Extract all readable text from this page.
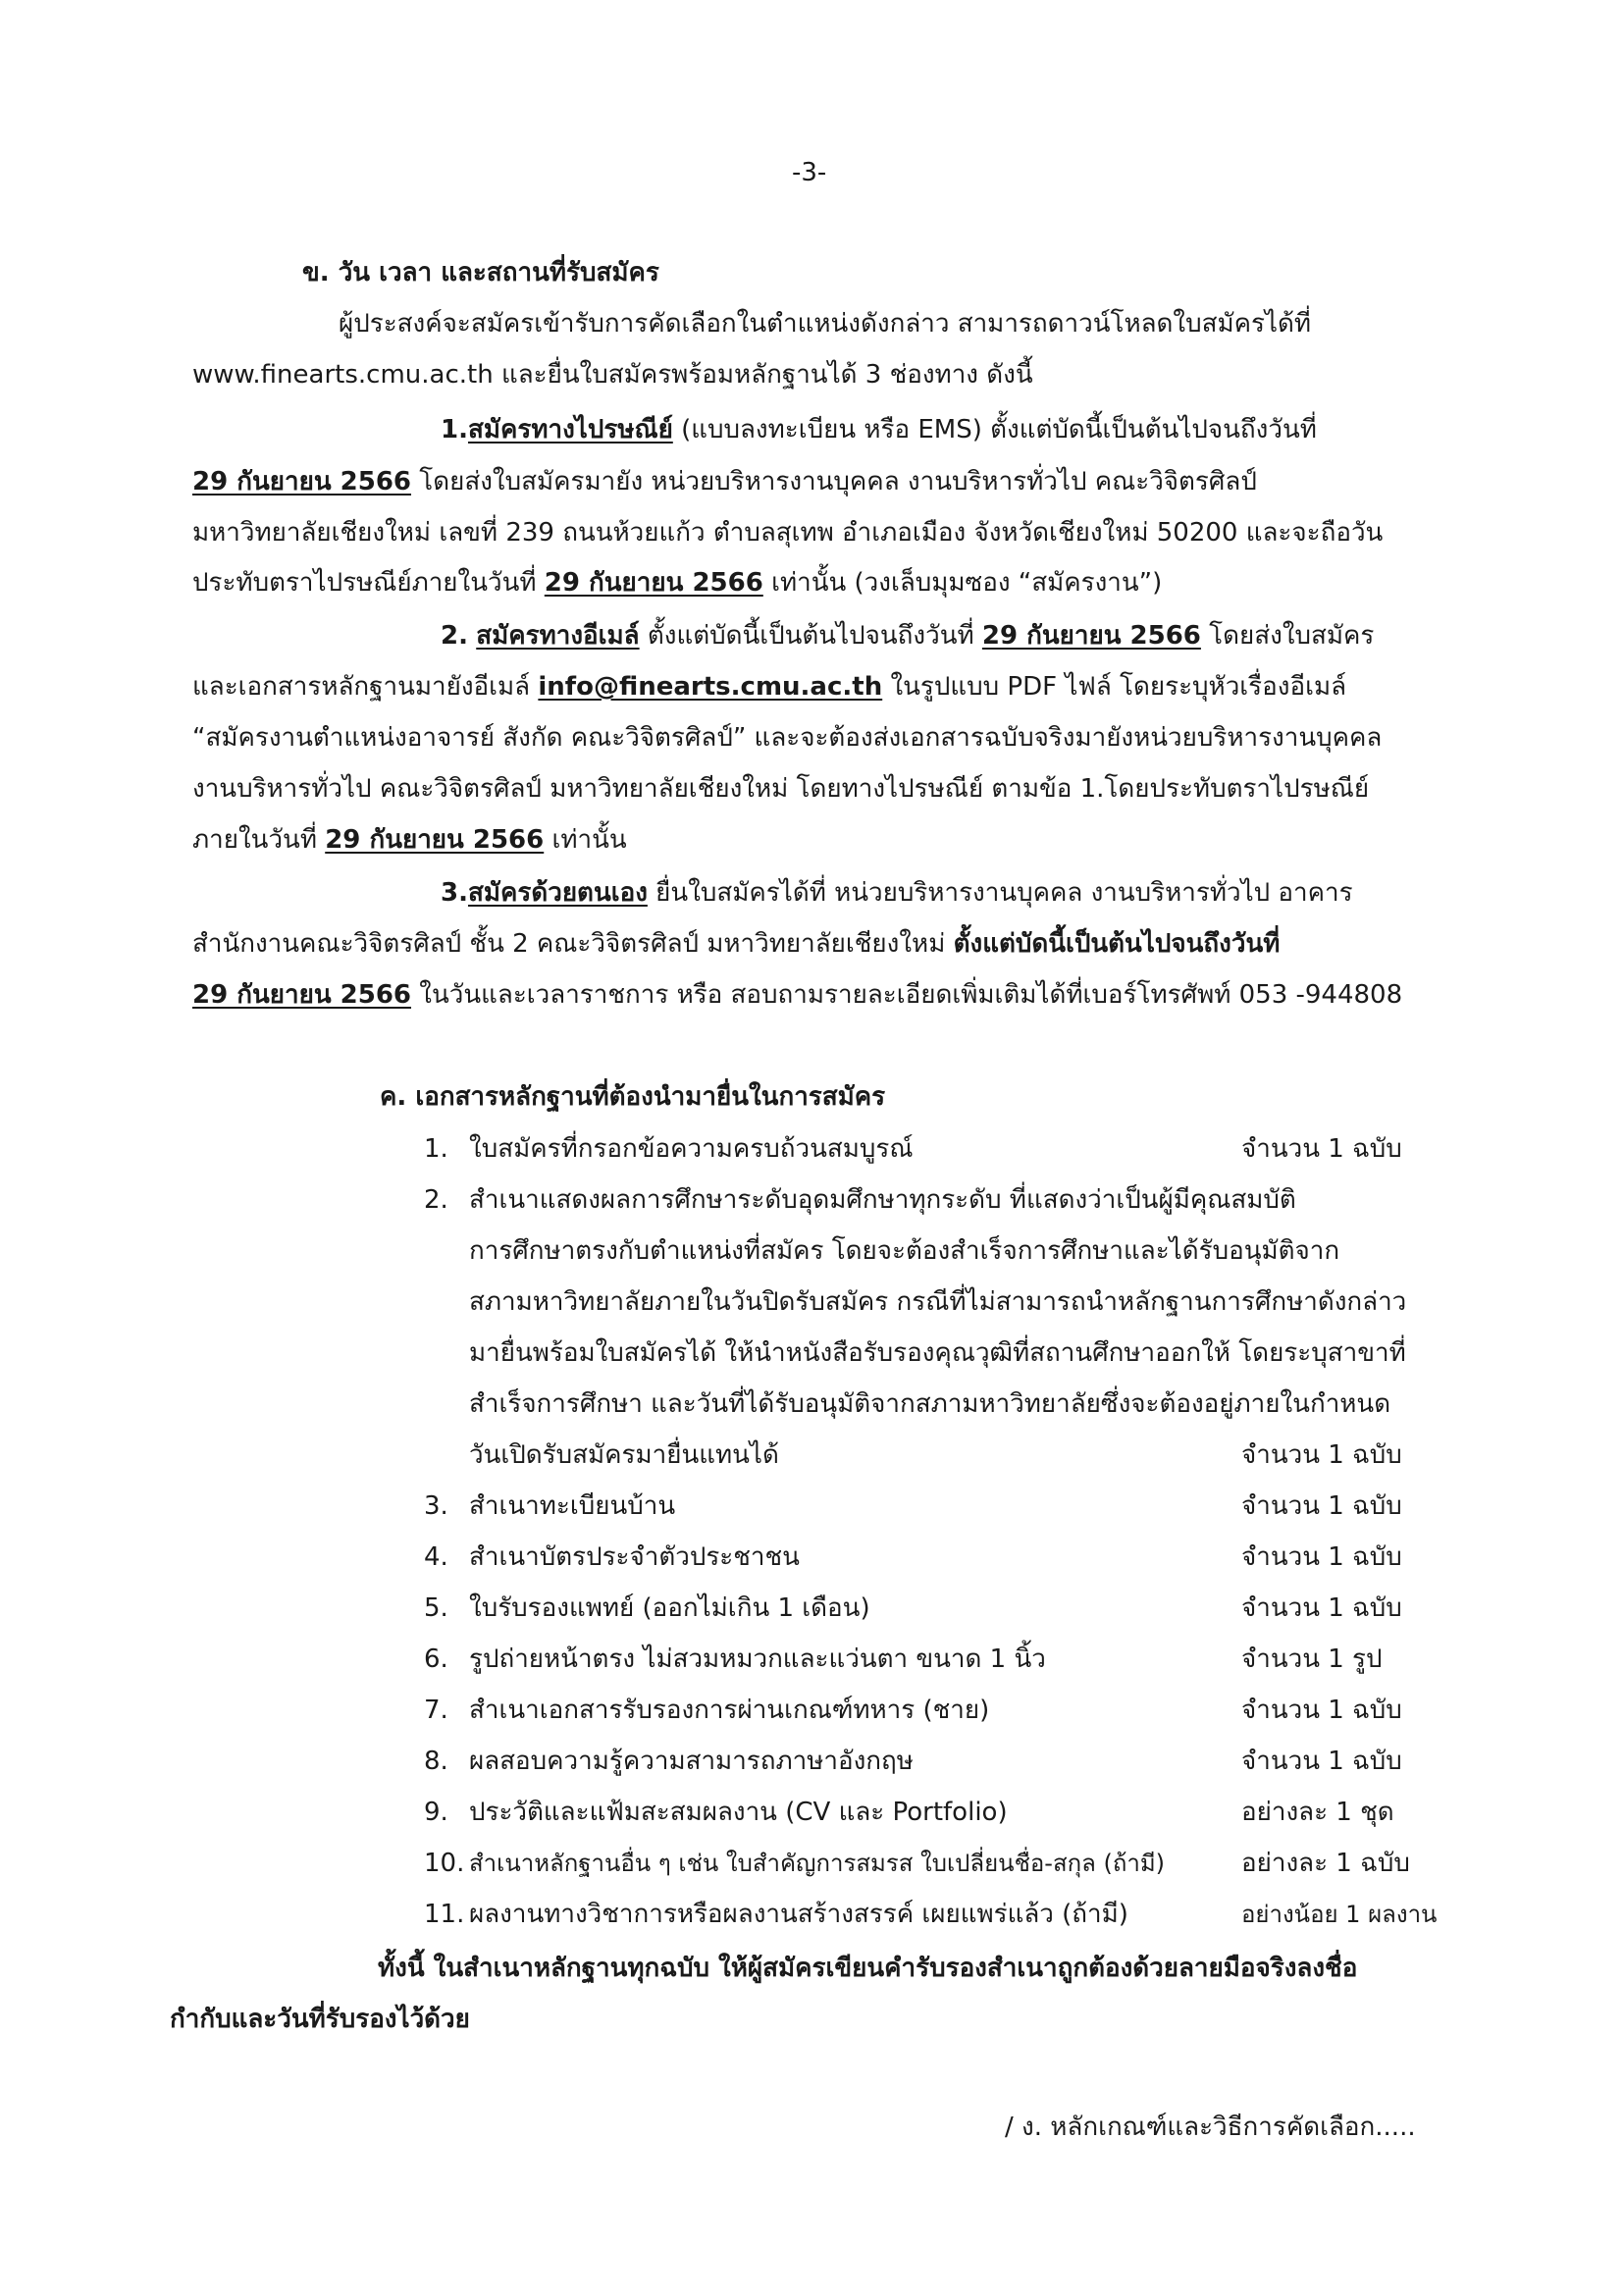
-3-

ข. วัน เวลา และสถานที่รับสมัคร

ผู้ประสงค์จะสมัครเข้ารับการคัดเลือกในตำแหน่งดังกล่าว สามารถดาวน์โหลดใบสมัครได้ที่

www.finearts.cmu.ac.th และยื่นใบสมัครพร้อมหลักฐานได้ 3 ช่องทาง ดังนี้

1.สมัครทางไปรษณีย์ (แบบลงทะเบียน หรือ EMS) ตั้งแต่บัดนี้เป็นต้นไปจนถึงวันที่

29 กันยายน 2566 โดยส่งใบสมัครมายัง หน่วยบริหารงานบุคคล งานบริหารทั่วไป คณะวิจิตรศิลป์

มหาวิทยาลัยเชียงใหม่ เลขที่ 239 ถนนห้วยแก้ว ตำบลสุเทพ อำเภอเมือง จังหวัดเชียงใหม่ 50200 และจะถือวัน

ประทับตราไปรษณีย์ภายในวันที่ 29 กันยายน 2566 เท่านั้น (วงเล็บมุมซอง “สมัครงาน”)

2. สมัครทางอีเมล์ ตั้งแต่บัดนี้เป็นต้นไปจนถึงวันที่ 29 กันยายน 2566 โดยส่งใบสมัคร

และเอกสารหลักฐานมายังอีเมล์ info@finearts.cmu.ac.th ในรูปแบบ PDF ไฟล์ โดยระบุหัวเรื่องอีเมล์

“สมัครงานตำแหน่งอาจารย์ สังกัด คณะวิจิตรศิลป์” และจะต้องส่งเอกสารฉบับจริงมายังหน่วยบริหารงานบุคคล

งานบริหารทั่วไป คณะวิจิตรศิลป์ มหาวิทยาลัยเชียงใหม่ โดยทางไปรษณีย์ ตามข้อ 1.โดยประทับตราไปรษณีย์

ภายในวันที่ 29 กันยายน 2566 เท่านั้น

3.สมัครด้วยตนเอง ยื่นใบสมัครได้ที่ หน่วยบริหารงานบุคคล งานบริหารทั่วไป อาคาร

สำนักงานคณะวิจิตรศิลป์ ชั้น 2 คณะวิจิตรศิลป์ มหาวิทยาลัยเชียงใหม่ ตั้งแต่บัดนี้เป็นต้นไปจนถึงวันที่

29 กันยายน 2566 ในวันและเวลาราชการ หรือ สอบถามรายละเอียดเพิ่มเติมได้ที่เบอร์โทรศัพท์ 053 -944808

ค. เอกสารหลักฐานที่ต้องนำมายื่นในการสมัคร

1. ใบสมัครที่กรอกข้อความครบถ้วนสมบูรณ์	จำนวน 1 ฉบับ

2. สำเนาแสดงผลการศึกษาระดับอุดมศึกษาทุกระดับ ที่แสดงว่าเป็นผู้มีคุณสมบัติ

การศึกษาตรงกับตำแหน่งที่สมัคร โดยจะต้องสำเร็จการศึกษาและได้รับอนุมัติจาก

สภามหาวิทยาลัยภายในวันปิดรับสมัคร กรณีที่ไม่สามารถนำหลักฐานการศึกษาดังกล่าว

มายื่นพร้อมใบสมัครได้ ให้นำหนังสือรับรองคุณวุฒิที่สถานศึกษาออกให้ โดยระบุสาขาที่

สำเร็จการศึกษา และวันที่ได้รับอนุมัติจากสภามหาวิทยาลัยซึ่งจะต้องอยู่ภายในกำหนด

วันเปิดรับสมัครมายื่นแทนได้	จำนวน 1 ฉบับ

3. สำเนาทะเบียนบ้าน	จำนวน 1 ฉบับ

4. สำเนาบัตรประจำตัวประชาชน	จำนวน 1 ฉบับ

5. ใบรับรองแพทย์ (ออกไม่เกิน 1 เดือน)	จำนวน 1 ฉบับ

6. รูปถ่ายหน้าตรง ไม่สวมหมวกและแว่นตา ขนาด 1 นิ้ว	จำนวน 1 รูป

7. สำเนาเอกสารรับรองการผ่านเกณฑ์ทหาร (ชาย)	จำนวน 1 ฉบับ

8. ผลสอบความรู้ความสามารถภาษาอังกฤษ	จำนวน 1 ฉบับ

9. ประวัติและแฟ้มสะสมผลงาน (CV และ Portfolio)	อย่างละ 1 ชุด

10. สำเนาหลักฐานอื่น ๆ เช่น ใบสำคัญการสมรส ใบเปลี่ยนชื่อ-สกุล (ถ้ามี)	อย่างละ 1 ฉบับ

11. ผลงานทางวิชาการหรือผลงานสร้างสรรค์ เผยแพร่แล้ว (ถ้ามี)	อย่างน้อย 1 ผลงาน

ทั้งนี้ ในสำเนาหลักฐานทุกฉบับ ให้ผู้สมัครเขียนคำรับรองสำเนาถูกต้องด้วยลายมือจริงลงชื่อ

กำกับและวันที่รับรองไว้ด้วย

/ ง. หลักเกณฑ์และวิธีการคัดเลือก.....
